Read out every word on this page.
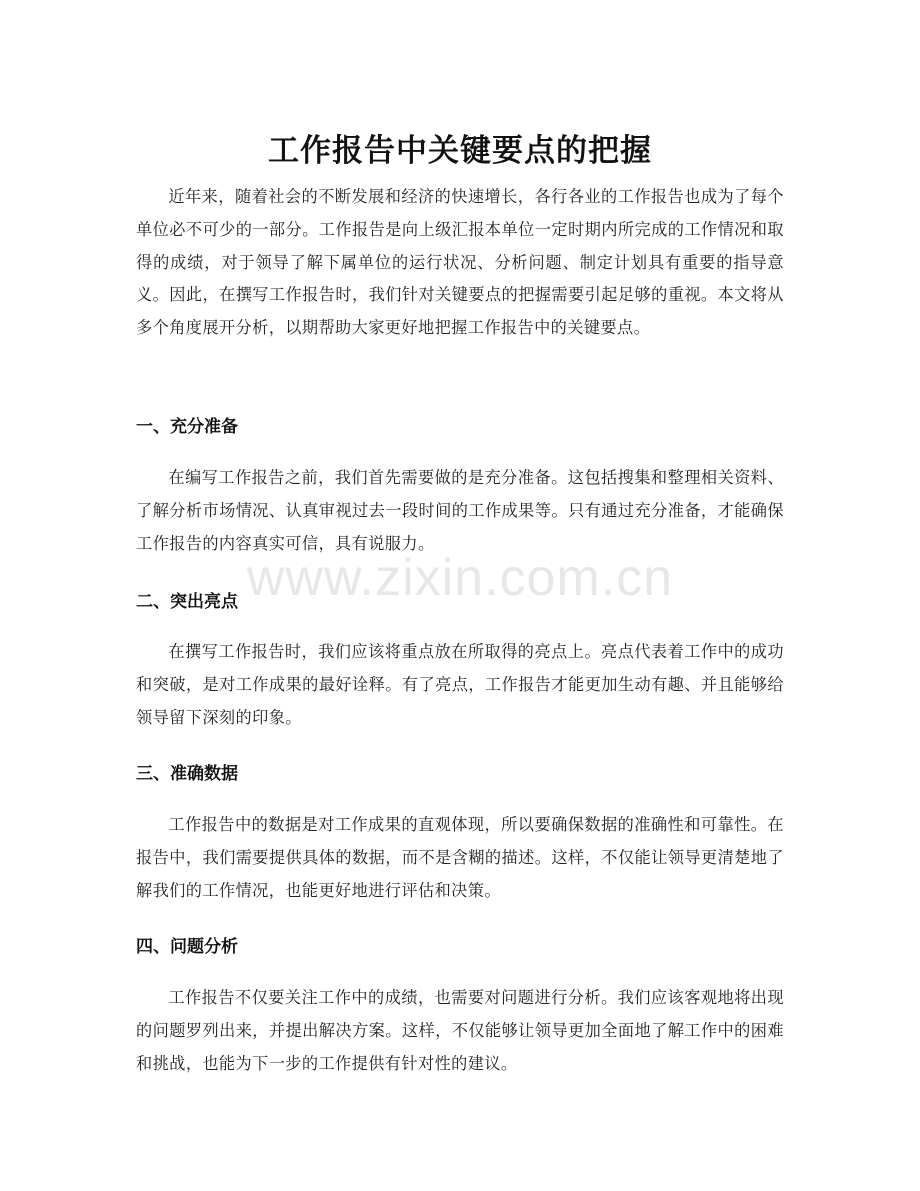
工作报告中关键要点的把握

近年来，随着社会的不断发展和经济的快速增长，各行各业的工作报告也成为了每个单位必不可少的一部分。工作报告是向上级汇报本单位一定时期内所完成的工作情况和取得的成绩，对于领导了解下属单位的运行状况、分析问题、制定计划具有重要的指导意义。因此，在撰写工作报告时，我们针对关键要点的把握需要引起足够的重视。本文将从多个角度展开分析，以期帮助大家更好地把握工作报告中的关键要点。

一、充分准备

在编写工作报告之前，我们首先需要做的是充分准备。这包括搜集和整理相关资料、了解分析市场情况、认真审视过去一段时间的工作成果等。只有通过充分准备，才能确保工作报告的内容真实可信，具有说服力。

二、突出亮点

在撰写工作报告时，我们应该将重点放在所取得的亮点上。亮点代表着工作中的成功和突破，是对工作成果的最好诠释。有了亮点，工作报告才能更加生动有趣、并且能够给领导留下深刻的印象。

三、准确数据

工作报告中的数据是对工作成果的直观体现，所以要确保数据的准确性和可靠性。在报告中，我们需要提供具体的数据，而不是含糊的描述。这样，不仅能让领导更清楚地了解我们的工作情况，也能更好地进行评估和决策。

四、问题分析

工作报告不仅要关注工作中的成绩，也需要对问题进行分析。我们应该客观地将出现的问题罗列出来，并提出解决方案。这样，不仅能够让领导更加全面地了解工作中的困难和挑战，也能为下一步的工作提供有针对性的建议。

www.zixin.com.cn
